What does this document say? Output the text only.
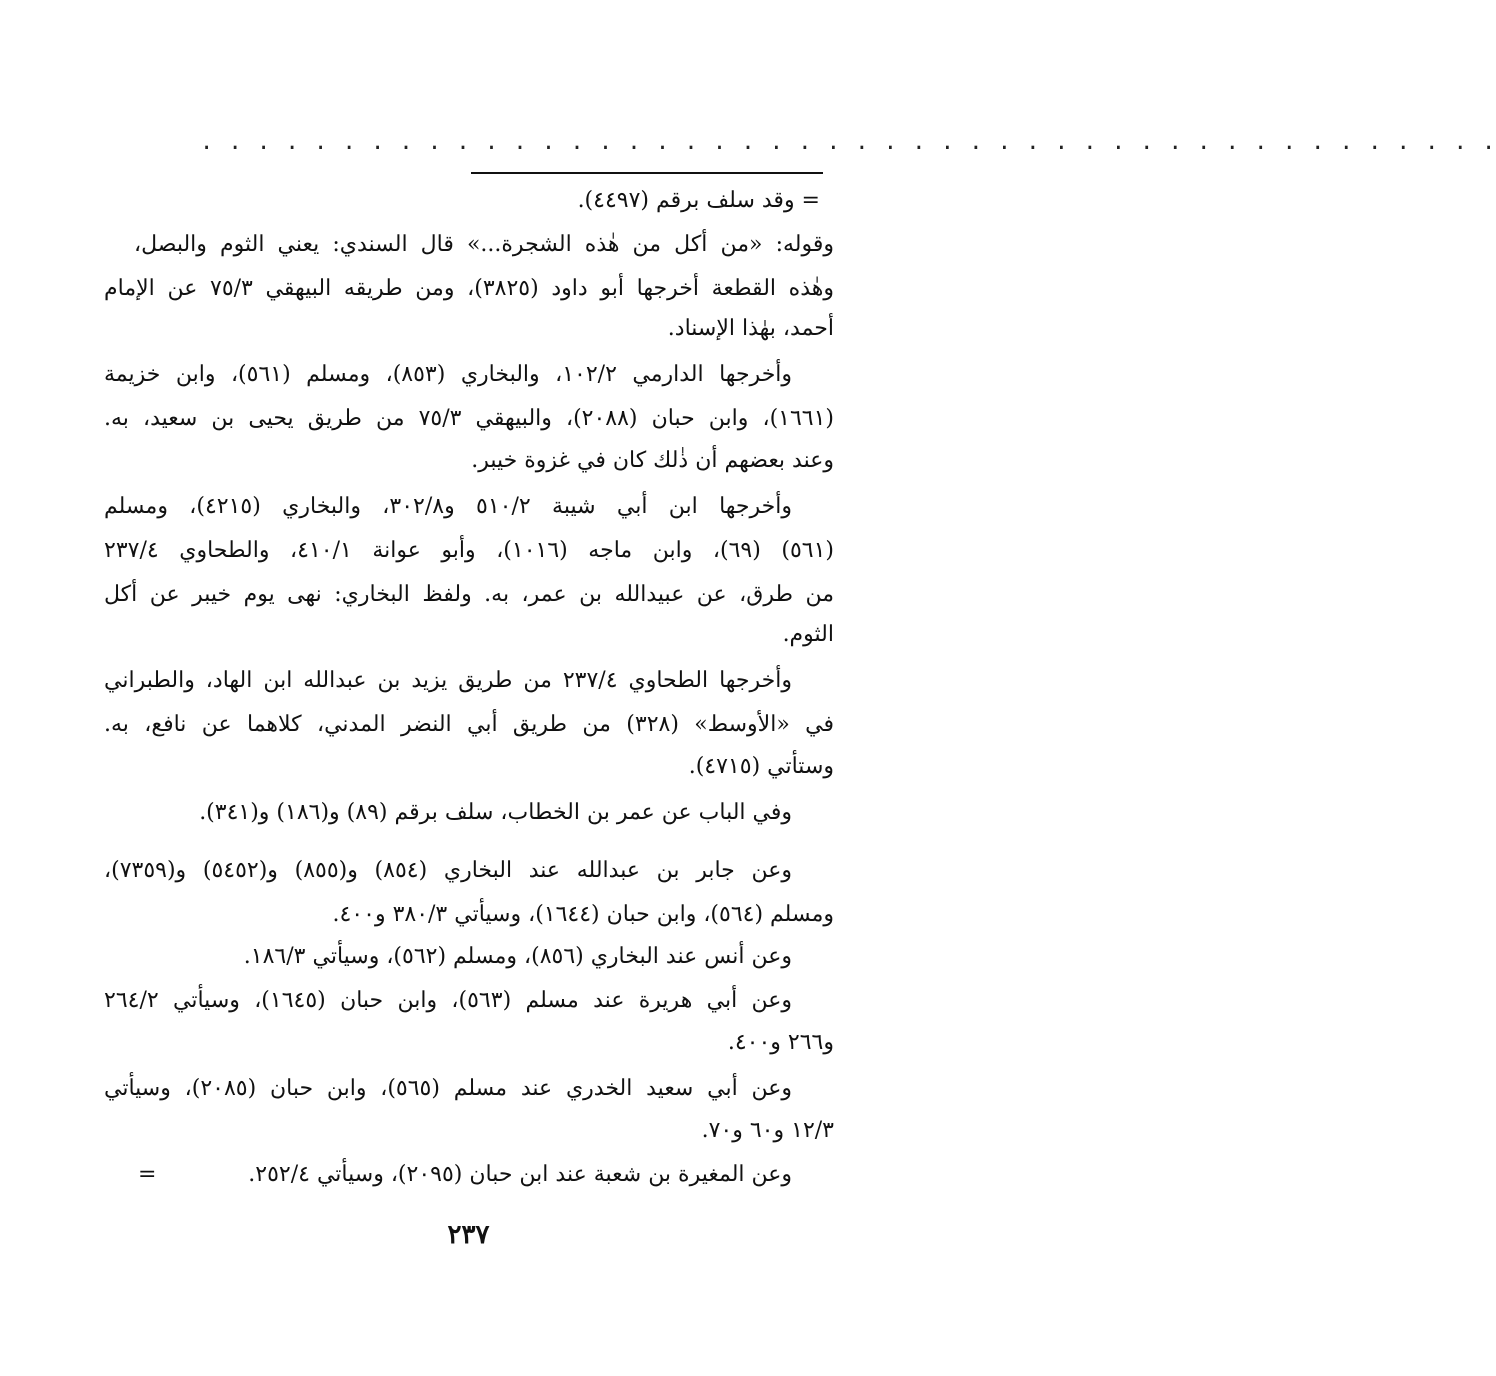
. . . . . . . . . . . . . . . . . . . . . . . . . . . . . . . . . . . . . . . . . . . . . .
= وقد سلف برقم (٤٤٩٧).
وقوله: «من أكل من هٰذه الشجرة...» قال السندي: يعني الثوم والبصل،
وهٰذه القطعة أخرجها أبو داود (٣٨٢٥)، ومن طريقه البيهقي ٧٥/٣ عن الإمام
أحمد، بهٰذا الإسناد.
وأخرجها الدارمي ١٠٢/٢، والبخاري (٨٥٣)، ومسلم (٥٦١)، وابن خزيمة
(١٦٦١)، وابن حبان (٢٠٨٨)، والبيهقي ٧٥/٣ من طريق يحيى بن سعيد، به.
وعند بعضهم أن ذٰلك كان في غزوة خيبر.
وأخرجها ابن أبي شيبة ٥١٠/٢ و٣٠٢/٨، والبخاري (٤٢١٥)، ومسلم
(٥٦١) (٦٩)، وابن ماجه (١٠١٦)، وأبو عوانة ٤١٠/١، والطحاوي ٢٣٧/٤
من طرق، عن عبيدالله بن عمر، به. ولفظ البخاري: نهى يوم خيبر عن أكل
الثوم.
وأخرجها الطحاوي ٢٣٧/٤ من طريق يزيد بن عبدالله ابن الهاد، والطبراني
في «الأوسط» (٣٢٨) من طريق أبي النضر المدني، كلاهما عن نافع، به.
وستأتي (٤٧١٥).
وفي الباب عن عمر بن الخطاب، سلف برقم (٨٩) و(١٨٦) و(٣٤١).
وعن جابر بن عبدالله عند البخاري (٨٥٤) و(٨٥٥) و(٥٤٥٢) و(٧٣٥٩)،
ومسلم (٥٦٤)، وابن حبان (١٦٤٤)، وسيأتي ٣٨٠/٣ و٤٠٠.
وعن أنس عند البخاري (٨٥٦)، ومسلم (٥٦٢)، وسيأتي ١٨٦/٣.
وعن أبي هريرة عند مسلم (٥٦٣)، وابن حبان (١٦٤٥)، وسيأتي ٢٦٤/٢
و٢٦٦ و٤٠٠.
وعن أبي سعيد الخدري عند مسلم (٥٦٥)، وابن حبان (٢٠٨٥)، وسيأتي
١٢/٣ و٦٠ و٧٠.
وعن المغيرة بن شعبة عند ابن حبان (٢٠٩٥)، وسيأتي ٢٥٢/٤.
=
٢٣٧
